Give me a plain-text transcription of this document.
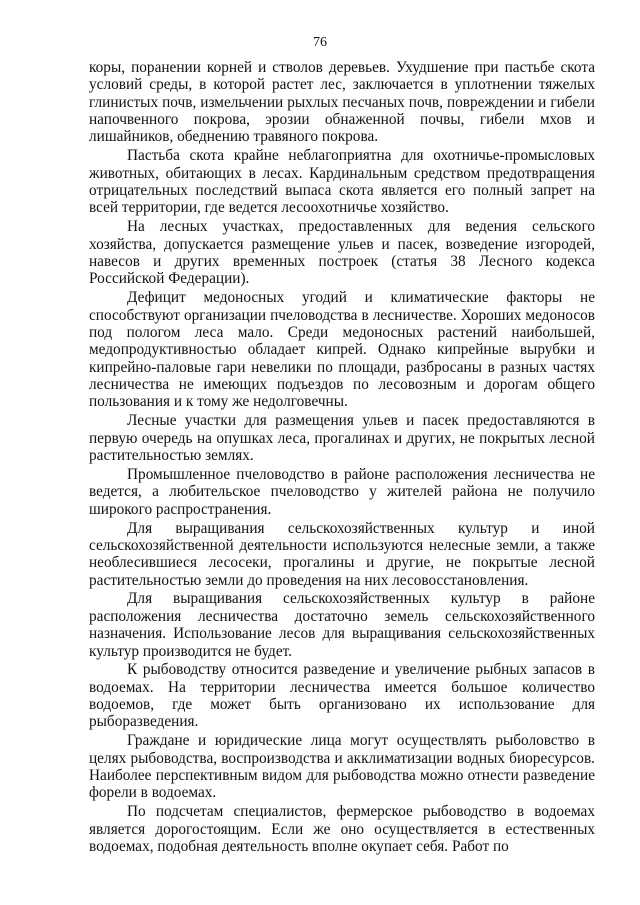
76

коры, поранении корней и стволов деревьев. Ухудшение при пастьбе скота условий среды, в которой растет лес, заключается в уплотнении тяжелых глинистых почв, измельчении рыхлых песчаных почв, повреждении и гибели напочвенного покрова, эрозии обнаженной почвы, гибели мхов и лишайников, обеднению травяного покрова.

Пастьба скота крайне неблагоприятна для охотничье-промысловых животных, обитающих в лесах. Кардинальным средством предотвращения отрицательных последствий выпаса скота является его полный запрет на всей территории, где ведется лесоохотничье хозяйство.

На лесных участках, предоставленных для ведения сельского хозяйства, допускается размещение ульев и пасек, возведение изгородей, навесов и других временных построек (статья 38 Лесного кодекса Российской Федерации).

Дефицит медоносных угодий и климатические факторы не способствуют организации пчеловодства в лесничестве. Хороших медоносов под пологом леса мало. Среди медоносных растений наибольшей, медопродуктивностью обладает кипрей. Однако кипрейные вырубки и кипрейно-паловые гари невелики по площади, разбросаны в разных частях лесничества не имеющих подъездов по лесовозным и дорогам общего пользования и к тому же недолговечны.

Лесные участки для размещения ульев и пасек предоставляются в первую очередь на опушках леса, прогалинах и других, не покрытых лесной растительностью землях.

Промышленное пчеловодство в районе расположения лесничества не ведется, а любительское пчеловодство у жителей района не получило широкого распространения.

Для выращивания сельскохозяйственных культур и иной сельскохозяйственной деятельности используются нелесные земли, а также необлесившиеся лесосеки, прогалины и другие, не покрытые лесной растительностью земли до проведения на них лесовосстановления.

Для выращивания сельскохозяйственных культур в районе расположения лесничества достаточно земель сельскохозяйственного назначения. Использование лесов для выращивания сельскохозяйственных культур производится не будет.

К рыбоводству относится разведение и увеличение рыбных запасов в водоемах. На территории лесничества имеется большое количество водоемов, где может быть организовано их использование для рыборазведения.

Граждане и юридические лица могут осуществлять рыболовство в целях рыбоводства, воспроизводства и акклиматизации водных биоресурсов. Наиболее перспективным видом для рыбоводства можно отнести разведение форели в водоемах.

По подсчетам специалистов, фермерское рыбоводство в водоемах является дорогостоящим. Если же оно осуществляется в естественных водоемах, подобная деятельность вполне окупает себя. Работ по
